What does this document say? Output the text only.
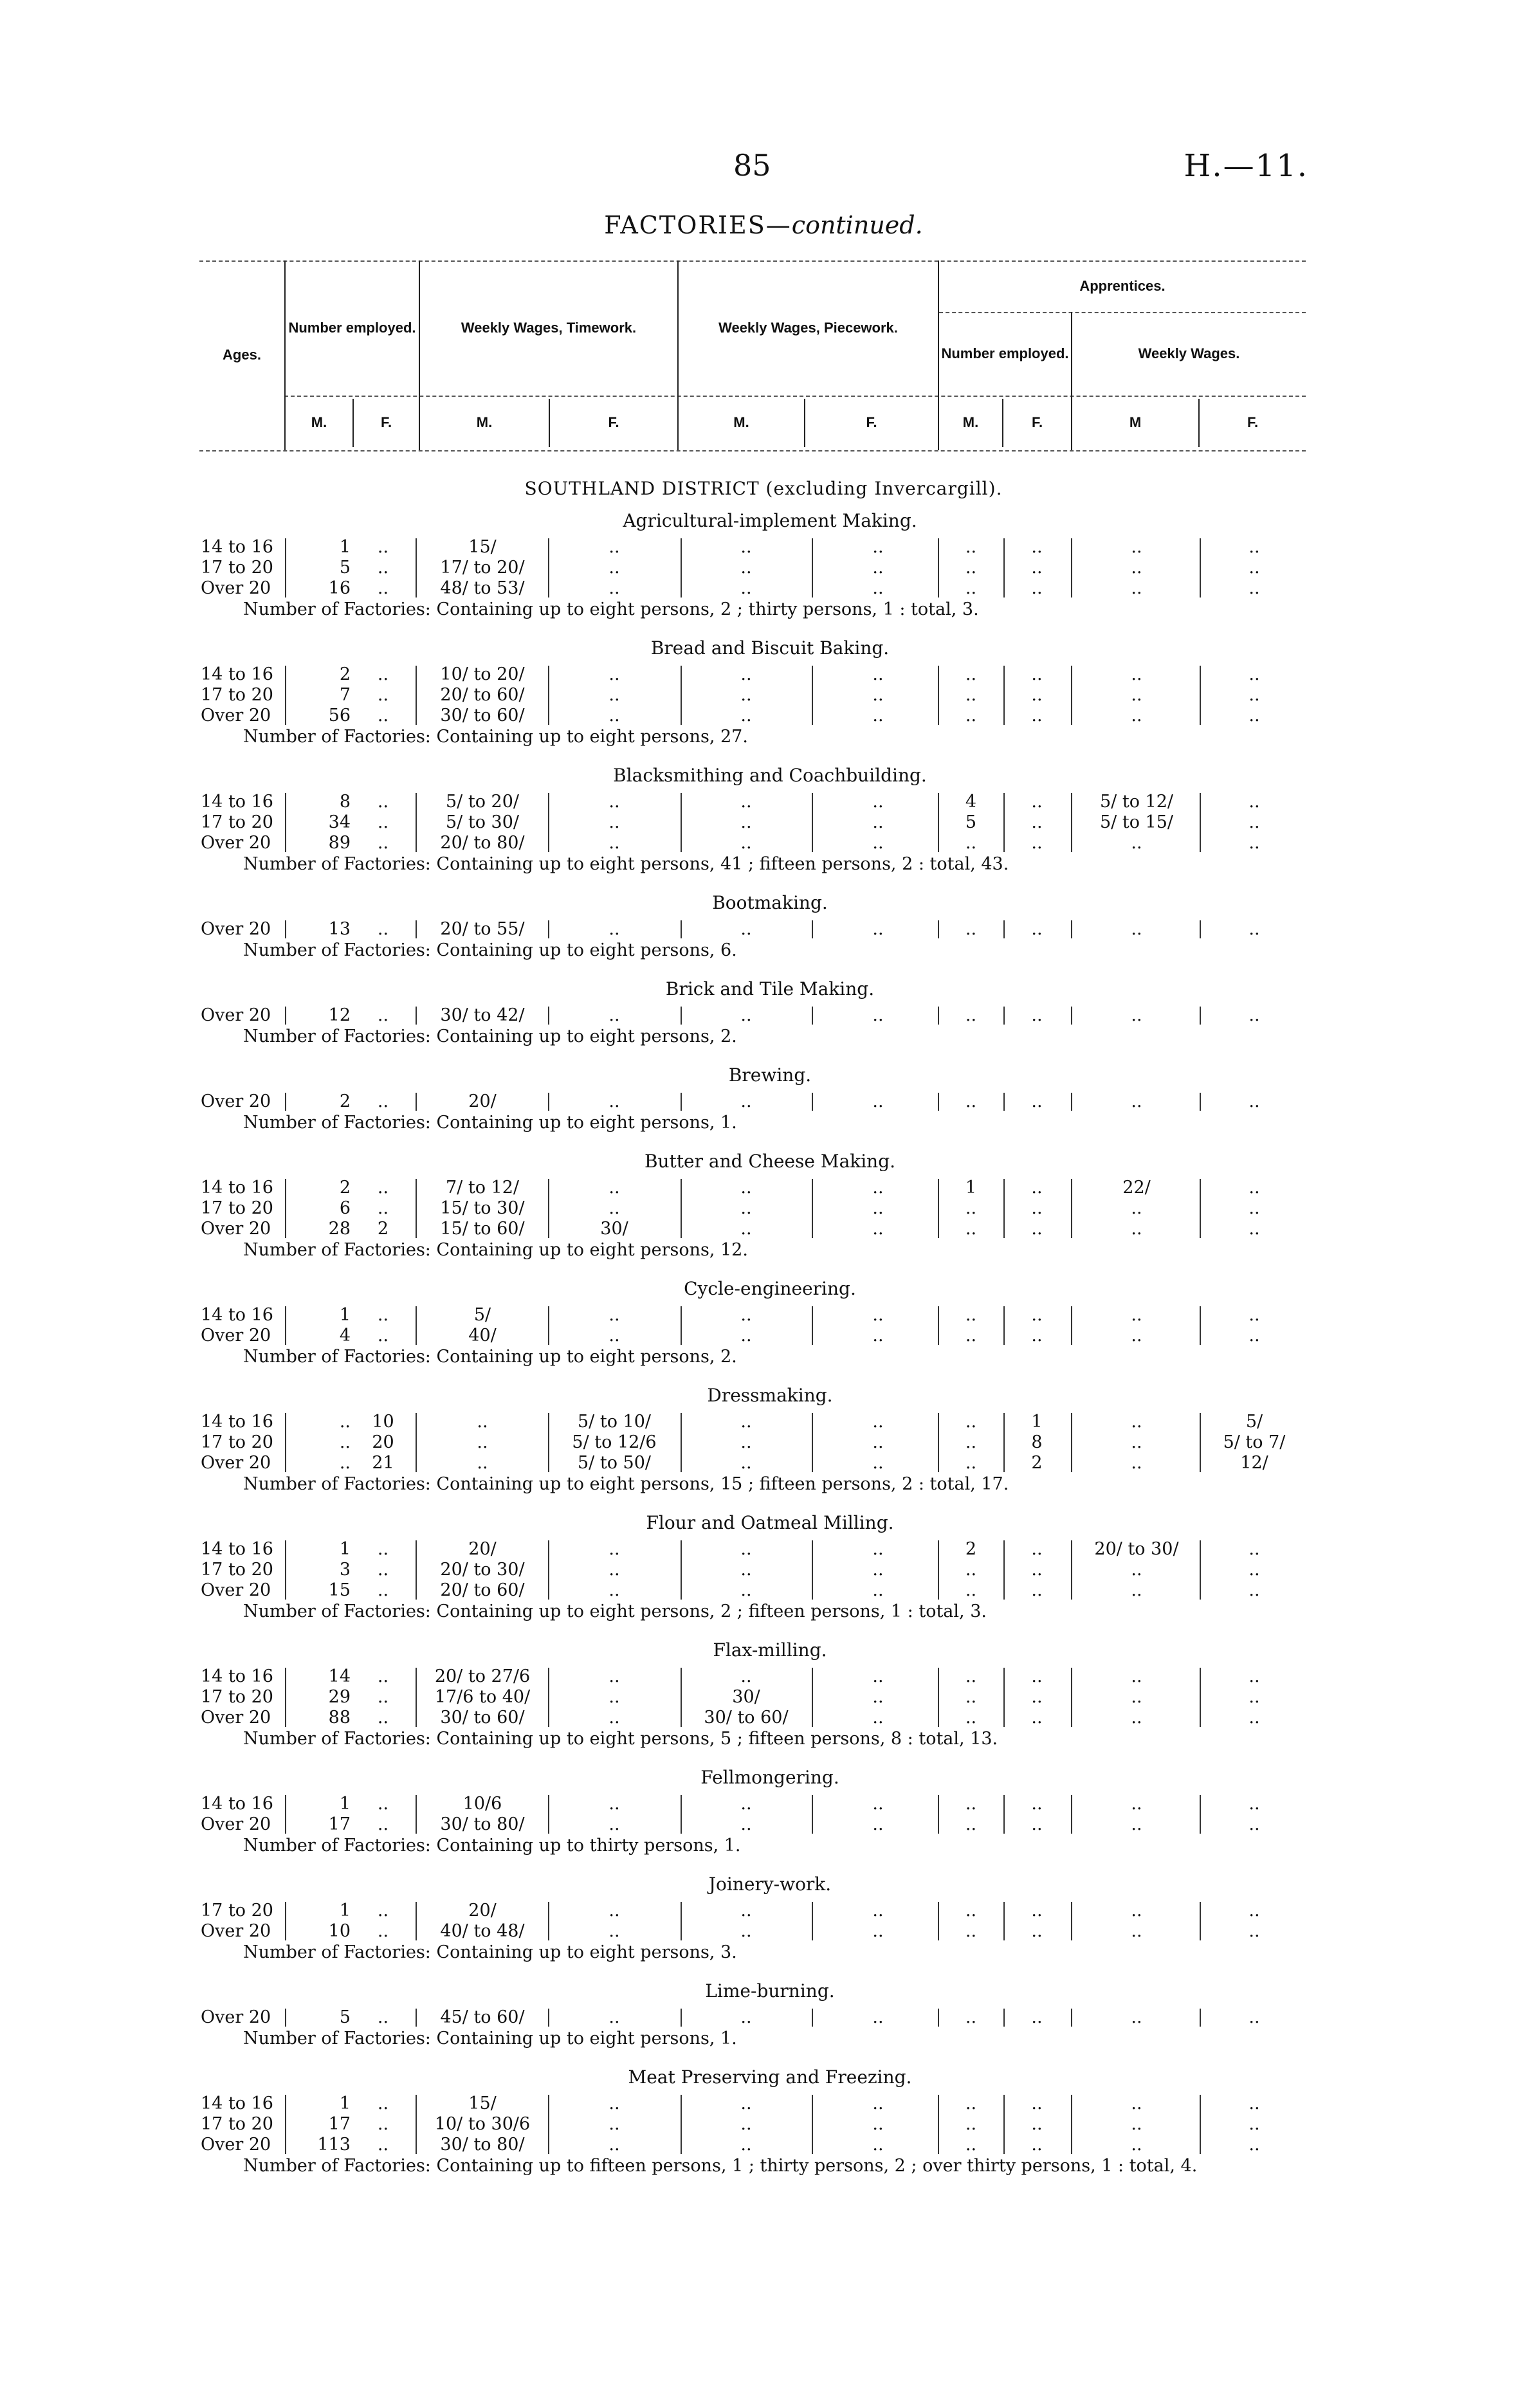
85	H.—11.
FACTORIES—continued.
Ages.
Number employed.	Weekly Wages, Timework.	Weekly Wages, Piecework.
Apprentices.
Number employed.	Weekly Wages.
M.	F.	M.	F.	M.	F.	M.	F.	M	F.
SOUTHLAND DISTRICT (excluding Invercargill).
Agricultural-implement Making.
14 to 16	1	..	15/	..	..	..	..	..	..	..
17 to 20	5	..	17/ to 20/	..	..	..	..	..	..	..
Over 20	16	..	48/ to 53/	..	..	..	..	..	..	..
Number of Factories: Containing up to eight persons, 2 ; thirty persons, 1 : total, 3.
Bread and Biscuit Baking.
14 to 16	2	..	10/ to 20/	..	..	..	..	..	..	..
17 to 20	7	..	20/ to 60/	..	..	..	..	..	..	..
Over 20	56	..	30/ to 60/	..	..	..	..	..	..	..
Number of Factories: Containing up to eight persons, 27.
Blacksmithing and Coachbuilding.
14 to 16	8	..	5/ to 20/	..	..	..	4	..	5/ to 12/	..
17 to 20	34	..	5/ to 30/	..	..	..	5	..	5/ to 15/	..
Over 20	89	..	20/ to 80/	..	..	..	..	..	..	..
Number of Factories: Containing up to eight persons, 41 ; fifteen persons, 2 : total, 43.
Bootmaking.
Over 20	13	..	20/ to 55/	..	..	..	..	..	..	..
Number of Factories: Containing up to eight persons, 6.
Brick and Tile Making.
Over 20	12	..	30/ to 42/	..	..	..	..	..	..	..
Number of Factories: Containing up to eight persons, 2.
Brewing.
Over 20	2	..	20/	..	..	..	..	..	..	..
Number of Factories: Containing up to eight persons, 1.
Butter and Cheese Making.
14 to 16	2	..	7/ to 12/	..	..	..	1	..	22/	..
17 to 20	6	..	15/ to 30/	..	..	..	..	..	..	..
Over 20	28	2	15/ to 60/	30/	..	..	..	..	..	..
Number of Factories: Containing up to eight persons, 12.
Cycle-engineering.
14 to 16	1	..	5/	..	..	..	..	..	..	..
Over 20	4	..	40/	..	..	..	..	..	..	..
Number of Factories: Containing up to eight persons, 2.
Dressmaking.
14 to 16	..	10	..	5/ to 10/	..	..	..	1	..	5/
17 to 20	..	20	..	5/ to 12/6	..	..	..	8	..	5/ to 7/
Over 20	..	21	..	5/ to 50/	..	..	..	2	..	12/
Number of Factories: Containing up to eight persons, 15 ; fifteen persons, 2 : total, 17.
Flour and Oatmeal Milling.
14 to 16	1	..	20/	..	..	..	2	..	20/ to 30/	..
17 to 20	3	..	20/ to 30/	..	..	..	..	..	..	..
Over 20	15	..	20/ to 60/	..	..	..	..	..	..	..
Number of Factories: Containing up to eight persons, 2 ; fifteen persons, 1 : total, 3.
Flax-milling.
14 to 16	14	..	20/ to 27/6	..	..	..	..	..	..	..
17 to 20	29	..	17/6 to 40/	..	30/	..	..	..	..	..
Over 20	88	..	30/ to 60/	..	30/ to 60/	..	..	..	..	..
Number of Factories: Containing up to eight persons, 5 ; fifteen persons, 8 : total, 13.
Fellmongering.
14 to 16	1	..	10/6	..	..	..	..	..	..	..
Over 20	17	..	30/ to 80/	..	..	..	..	..	..	..
Number of Factories: Containing up to thirty persons, 1.
Joinery-work.
17 to 20	1	..	20/	..	..	..	..	..	..	..
Over 20	10	..	40/ to 48/	..	..	..	..	..	..	..
Number of Factories: Containing up to eight persons, 3.
Lime-burning.
Over 20	5	..	45/ to 60/	..	..	..	..	..	..	..
Number of Factories: Containing up to eight persons, 1.
Meat Preserving and Freezing.
14 to 16	1	..	15/	..	..	..	..	..	..	..
17 to 20	17	..	10/ to 30/6	..	..	..	..	..	..	..
Over 20	113	..	30/ to 80/	..	..	..	..	..	..	..
Number of Factories: Containing up to fifteen persons, 1 ; thirty persons, 2 ; over thirty persons, 1 : total, 4.
